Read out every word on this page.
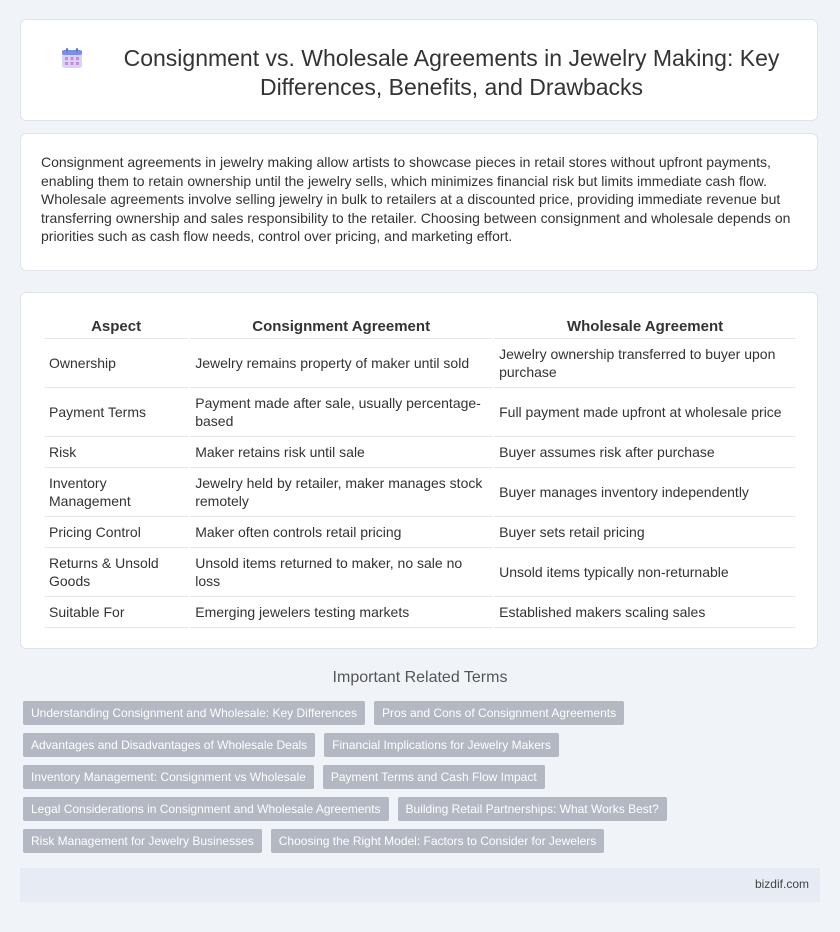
Consignment vs. Wholesale Agreements in Jewelry Making: Key Differences, Benefits, and Drawbacks
Consignment agreements in jewelry making allow artists to showcase pieces in retail stores without upfront payments, enabling them to retain ownership until the jewelry sells, which minimizes financial risk but limits immediate cash flow. Wholesale agreements involve selling jewelry in bulk to retailers at a discounted price, providing immediate revenue but transferring ownership and sales responsibility to the retailer. Choosing between consignment and wholesale depends on priorities such as cash flow needs, control over pricing, and marketing effort.
Aspect	Consignment Agreement	Wholesale Agreement
Ownership	Jewelry remains property of maker until sold	Jewelry ownership transferred to buyer upon purchase
Payment Terms	Payment made after sale, usually percentage-based	Full payment made upfront at wholesale price
Risk	Maker retains risk until sale	Buyer assumes risk after purchase
Inventory Management	Jewelry held by retailer, maker manages stock remotely	Buyer manages inventory independently
Pricing Control	Maker often controls retail pricing	Buyer sets retail pricing
Returns & Unsold Goods	Unsold items returned to maker, no sale no loss	Unsold items typically non-returnable
Suitable For	Emerging jewelers testing markets	Established makers scaling sales
Important Related Terms
Understanding Consignment and Wholesale: Key Differences	Pros and Cons of Consignment Agreements
Advantages and Disadvantages of Wholesale Deals	Financial Implications for Jewelry Makers
Inventory Management: Consignment vs Wholesale	Payment Terms and Cash Flow Impact
Legal Considerations in Consignment and Wholesale Agreements	Building Retail Partnerships: What Works Best?
Risk Management for Jewelry Businesses	Choosing the Right Model: Factors to Consider for Jewelers
bizdif.com
